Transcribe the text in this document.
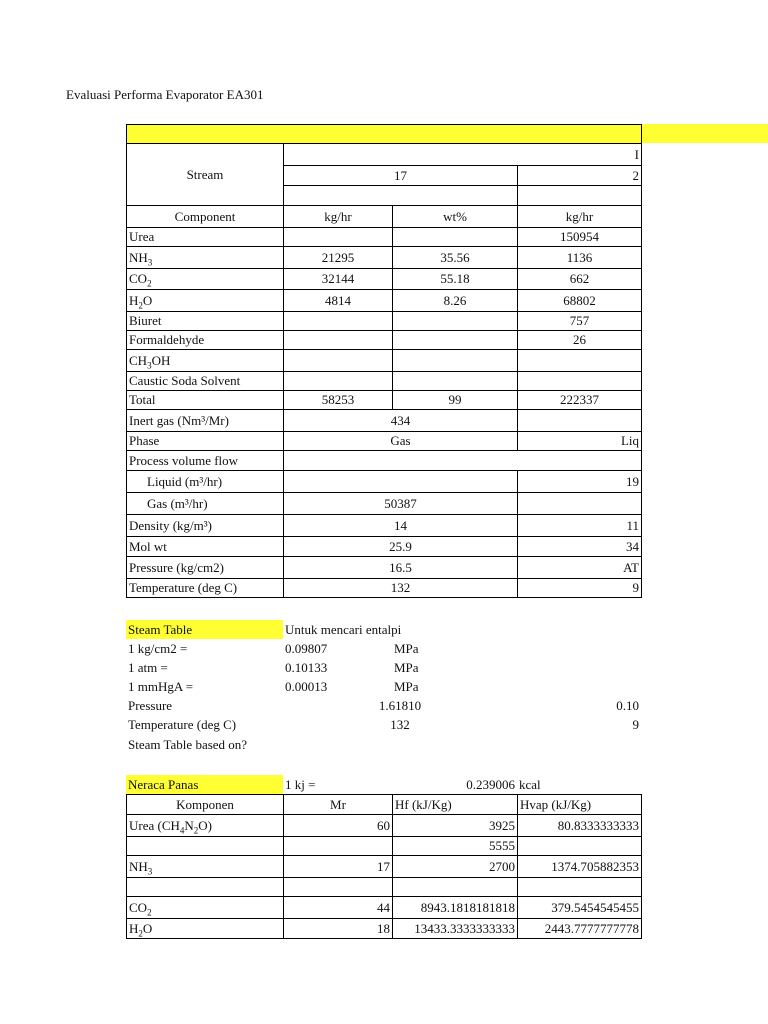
Evaluasi Performa Evaporator EA301

Stream	I		
	17		2

Component	kg/hr	wt%	kg/hr
Urea			150954
$NH_3$	21295	35.56	1136
$CO_2$	32144	55.18	662
$H_2O$	4814	8.26	68802
Biuret			757
Formaldehyde			26
$CH_3OH$			
Caustic Soda Solvent			
Total	58253	99	222337
Inert gas (Nm³/Mr)	434		
Phase	Gas		Liq
Process volume flow			
Liquid (m³/hr)			19
Gas (m³/hr)	50387		
Density (kg/m³)	14		11
Mol wt	25.9		34
Pressure (kg/cm2)	16.5		AT
Temperature (deg C)	132		9
Steam Table	Untuk mencari entalpi		
1 kg/cm2 =	0.09807	MPa	
1 atm =	0.10133	MPa	
1 mmHgA =	0.00013	MPa	
Pressure	1.61810		0.10
Temperature (deg C)	132		9
Steam Table based on?			
Neraca Panas	1 kj =	0.239006	kcal
Komponen	Mr	Hf (kJ/Kg)	Hvap (kJ/Kg)
Urea $(CH_4N_2O)$	60	3925	80.8333333333
		5555	
$NH_3$	17	2700	1374.705882353

$CO_2$	44	8943.1818181818	379.5454545455
$H_2O$	18	13433.3333333333	2443.7777777778
